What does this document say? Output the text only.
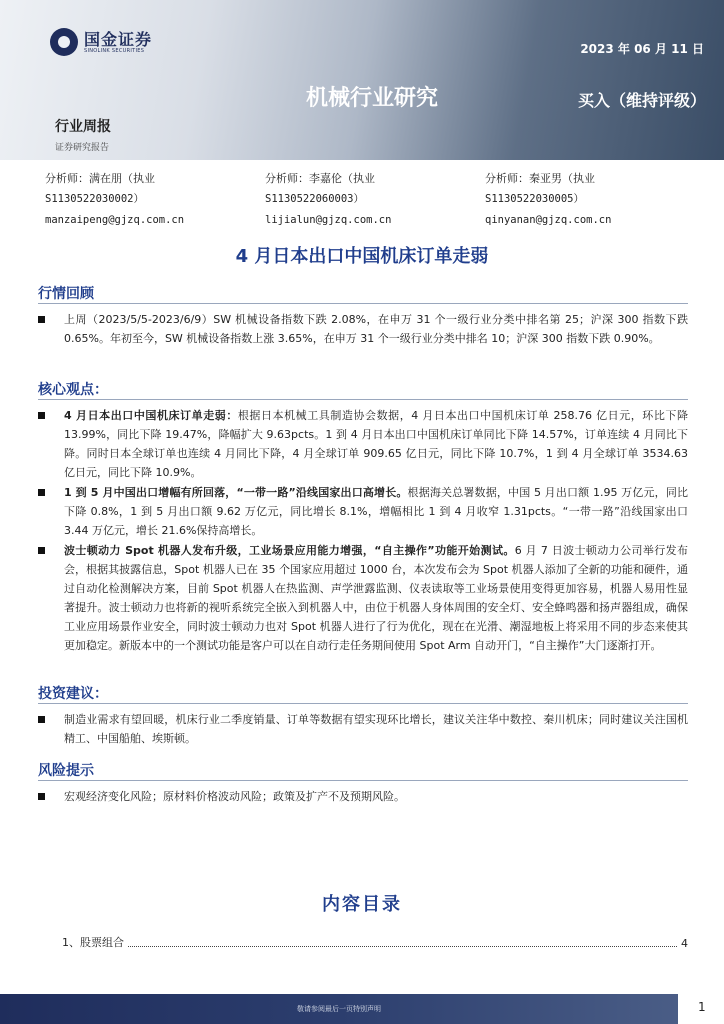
国金证券
SINOLINK SECURITIES	2023 年 06 月 11 日
机械行业研究	买入（维持评级）
行业周报
证券研究报告
分析师：满在朋（执业
S1130522030002）
manzaipeng@gjzq.com.cn
分析师：李嘉伦（执业
S1130522060003）
lijialun@gjzq.com.cn
分析师：秦亚男（执业
S1130522030005）
qinyanan@gjzq.com.cn
4 月日本出口中国机床订单走弱
行情回顾
上周（2023/5/5-2023/6/9）SW 机械设备指数下跌 2.08%，在申万 31 个一级行业分类中排名第 25；沪深 300 指数下跌 0.65%。年初至今，SW 机械设备指数上涨 3.65%，在申万 31 个一级行业分类中排名 10；沪深 300 指数下跌 0.90%。
核心观点：
4 月日本出口中国机床订单走弱：根据日本机械工具制造协会数据，4 月日本出口中国机床订单 258.76 亿日元，环比下降 13.99%，同比下降 19.47%，降幅扩大 9.63pcts。1 到 4 月日本出口中国机床订单同比下降 14.57%，订单连续 4 月同比下降。同时日本全球订单也连续 4 月同比下降，4 月全球订单 909.65 亿日元，同比下降 10.7%，1 到 4 月全球订单 3534.63 亿日元，同比下降 10.9%。
1 到 5 月中国出口增幅有所回落，“一带一路”沿线国家出口高增长。根据海关总署数据，中国 5 月出口额 1.95 万亿元，同比下降 0.8%，1 到 5 月出口额 9.62 万亿元，同比增长 8.1%，增幅相比 1 到 4 月收窄 1.31pcts。“一带一路”沿线国家出口 3.44 万亿元，增长 21.6%保持高增长。
波士顿动力 Spot 机器人发布升级，工业场景应用能力增强，“自主操作”功能开始测试。6 月 7 日波士顿动力公司举行发布会，根据其披露信息，Spot 机器人已在 35 个国家应用超过 1000 台，本次发布会为 Spot 机器人添加了全新的功能和硬件，通过自动化检测解决方案，目前 Spot 机器人在热监测、声学泄露监测、仪表读取等工业场景使用变得更加容易，机器人易用性显著提升。波士顿动力也将新的视听系统完全嵌入到机器人中，由位于机器人身体周围的安全灯、安全蜂鸣器和扬声器组成，确保工业应用场景作业安全，同时波士顿动力也对 Spot 机器人进行了行为优化，现在在光滑、潮湿地板上将采用不同的步态来使其更加稳定。新版本中的一个测试功能是客户可以在自动行走任务期间使用 Spot Arm 自动开门，“自主操作”大门逐渐打开。
投资建议：
制造业需求有望回暖，机床行业二季度销量、订单等数据有望实现环比增长，建议关注华中数控、秦川机床；同时建议关注国机精工、中国船舶、埃斯顿。
风险提示
宏观经济变化风险；原材料价格波动风险；政策及扩产不及预期风险。
内容目录
1、股票组合	4
敬请参阅最后一页特别声明	1
